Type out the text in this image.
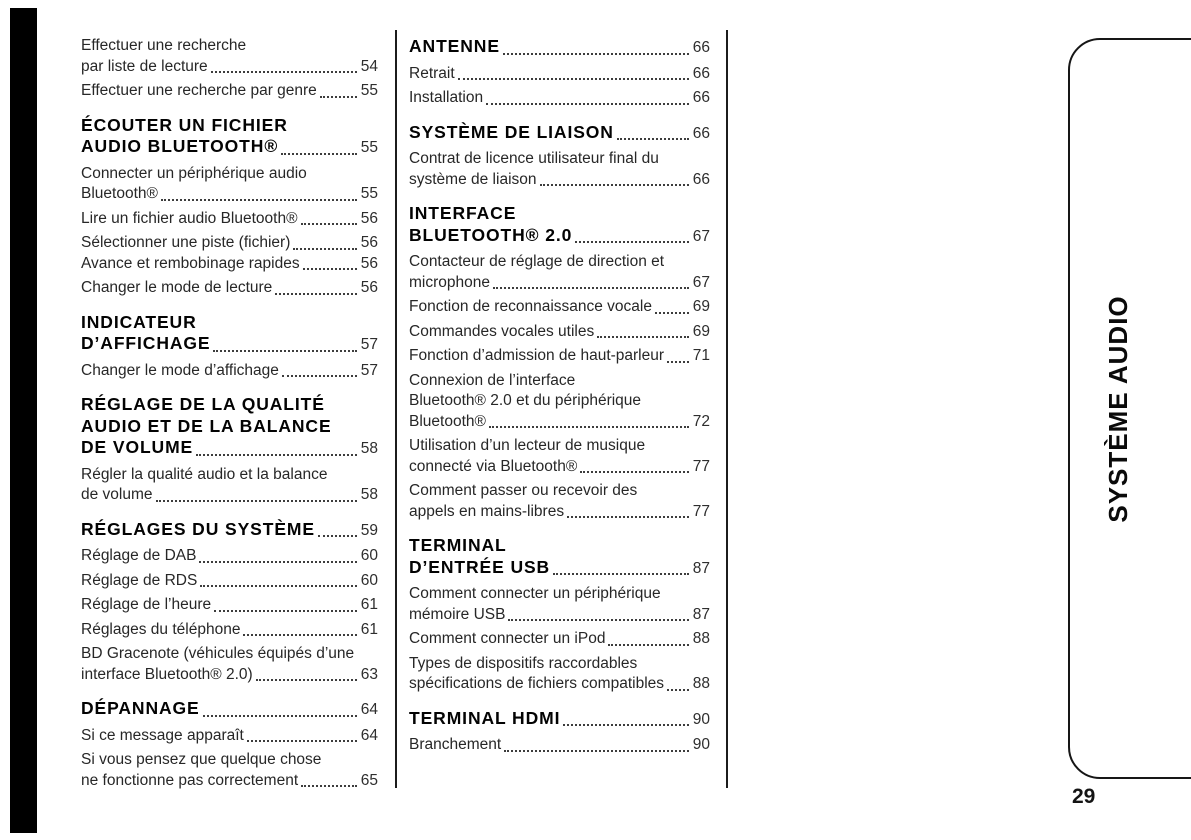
Effectuer une recherche
par liste de lecture	54
Effectuer une recherche par genre	55
ÉCOUTER UN FICHIER
AUDIO BLUETOOTH®	55
Connecter un périphérique audio
Bluetooth®	55
Lire un fichier audio Bluetooth®	56
Sélectionner une piste (fichier)	56
Avance et rembobinage rapides	56
Changer le mode de lecture	56
INDICATEUR
D’AFFICHAGE	57
Changer le mode d’affichage	57
RÉGLAGE DE LA QUALITÉ
AUDIO ET DE LA BALANCE
DE VOLUME	58
Régler la qualité audio et la balance
de volume	58
RÉGLAGES DU SYSTÈME	59
Réglage de DAB	60
Réglage de RDS	60
Réglage de l’heure	61
Réglages du téléphone	61
BD Gracenote (véhicules équipés d’une
interface Bluetooth® 2.0)	63
DÉPANNAGE	64
Si ce message apparaît	64
Si vous pensez que quelque chose
ne fonctionne pas correctement	65
ANTENNE	66
Retrait	66
Installation	66
SYSTÈME DE LIAISON	66
Contrat de licence utilisateur final du
système de liaison	66
INTERFACE
BLUETOOTH® 2.0	67
Contacteur de réglage de direction et
microphone	67
Fonction de reconnaissance vocale	69
Commandes vocales utiles	69
Fonction d’admission de haut-parleur 71
Connexion de l’interface
Bluetooth® 2.0 et du périphérique
Bluetooth®	72
Utilisation d’un lecteur de musique
connecté via Bluetooth®	77
Comment passer ou recevoir des
appels en mains-libres	77
TERMINAL
D’ENTRÉE USB	87
Comment connecter un périphérique
mémoire USB	87
Comment connecter un iPod	88
Types de dispositifs raccordables
spécifications de fichiers compatibles 88
TERMINAL HDMI	90
Branchement	90
SYSTÈME AUDIO
29
